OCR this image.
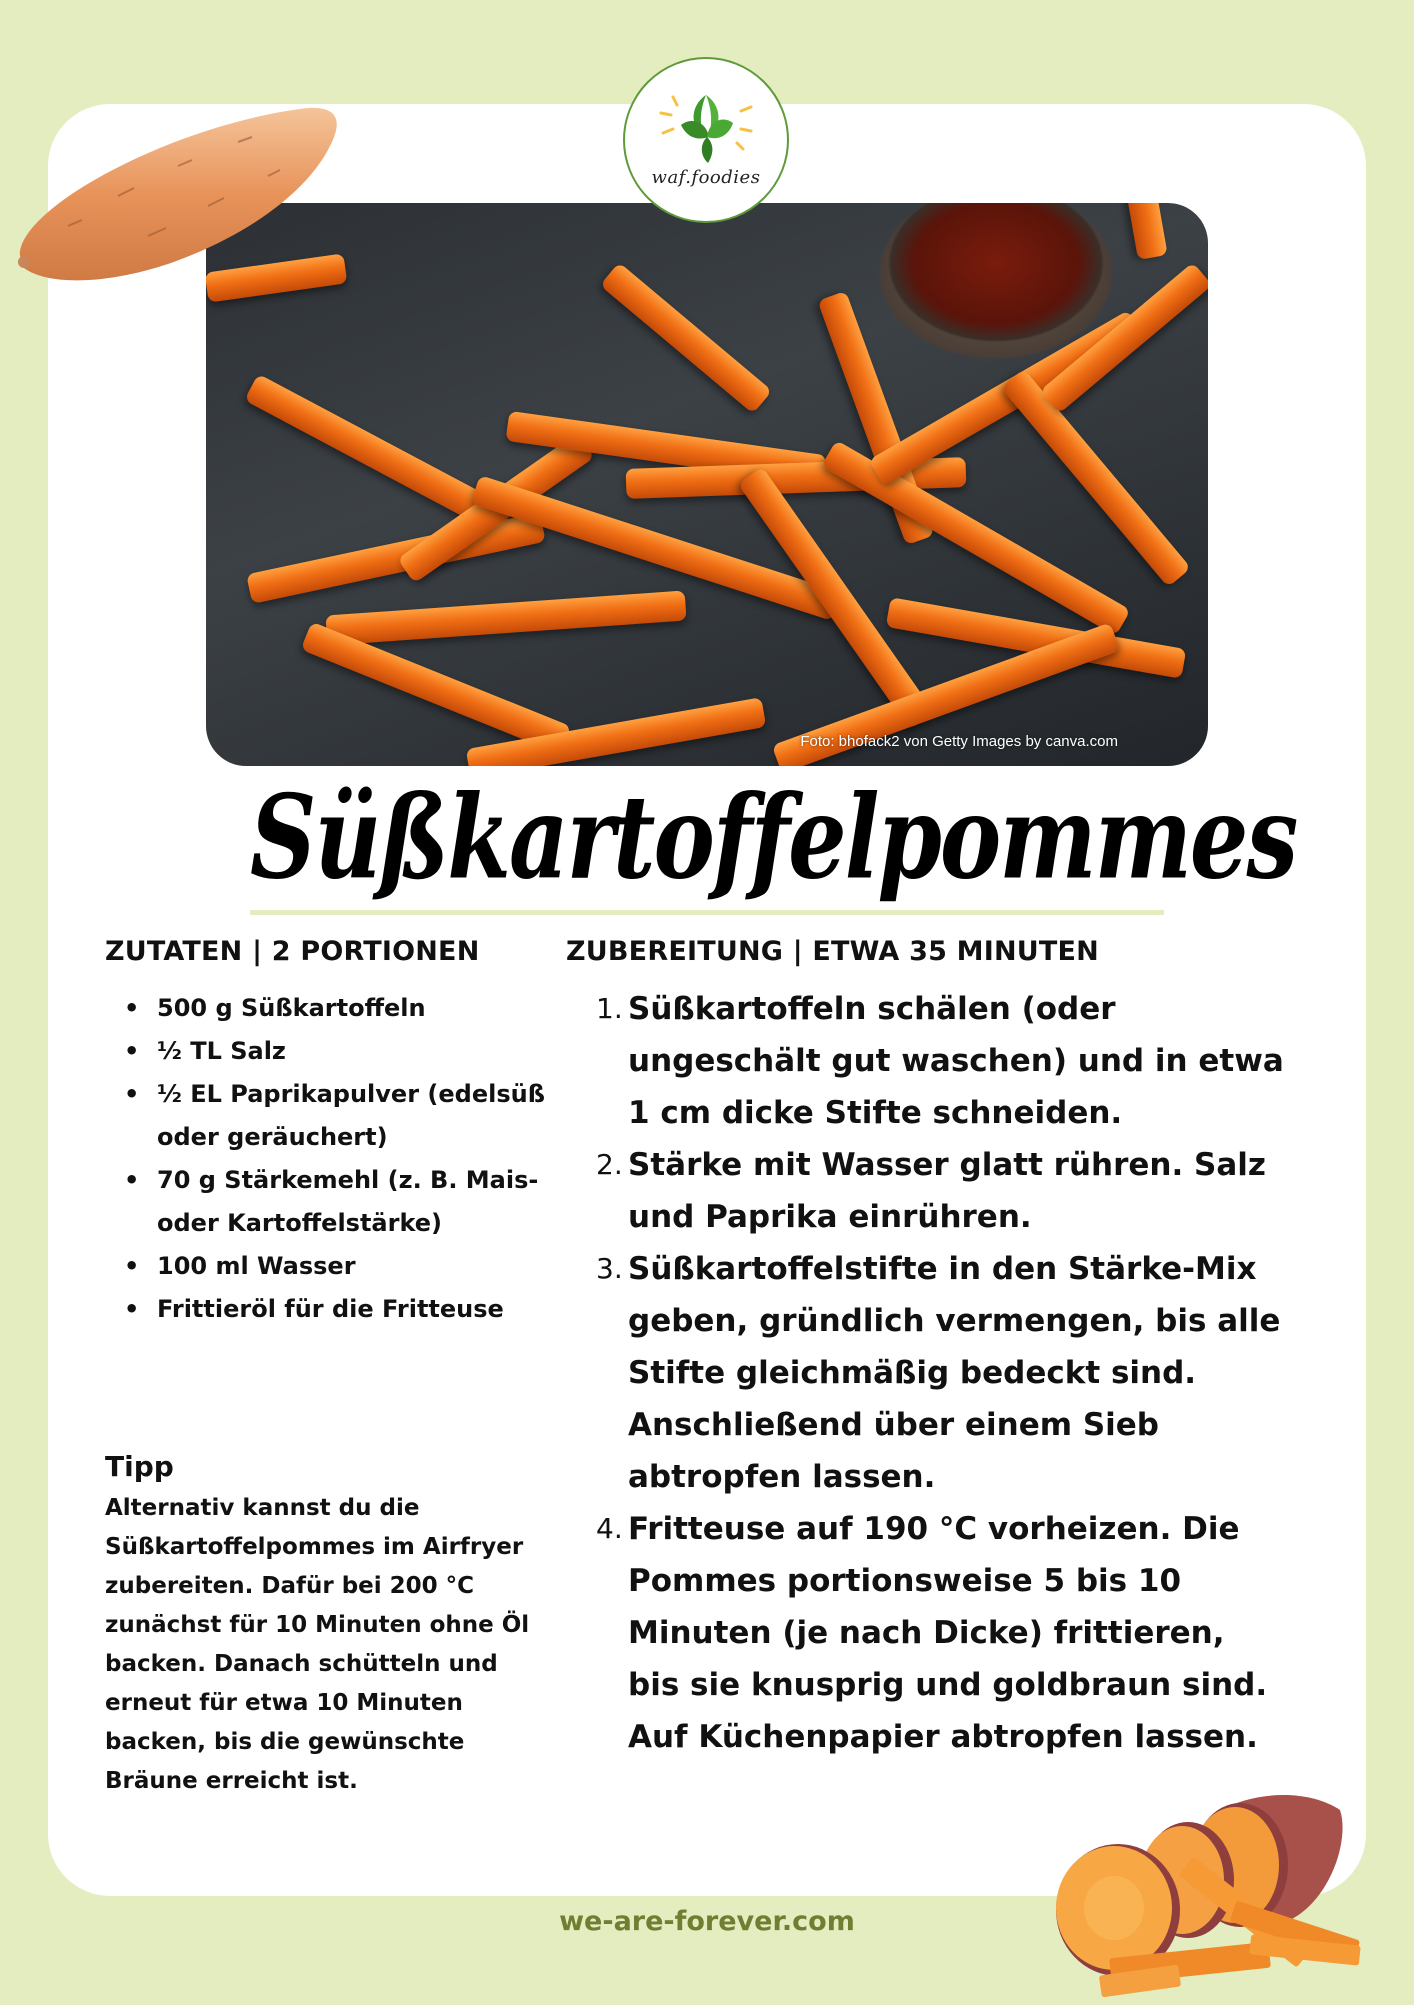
waf.foodies
Foto: bhofack2 von Getty Images by canva.com
Süßkartoffelpommes
ZUTATEN | 2 PORTIONEN
• 500 g Süßkartoffeln
• ½ TL Salz
• ½ EL Paprikapulver (edelsüß oder geräuchert)
• 70 g Stärkemehl (z. B. Mais- oder Kartoffelstärke)
• 100 ml Wasser
• Frittieröl für die Fritteuse
Tipp

Alternativ kannst du die Süßkartoffelpommes im Airfryer zubereiten. Dafür bei 200 °C zunächst für 10 Minuten ohne Öl backen. Danach schütteln und erneut für etwa 10 Minuten backen, bis die gewünschte Bräune erreicht ist.

ZUBEREITUNG | ETWA 35 MINUTEN
1. Süßkartoffeln schälen (oder ungeschält gut waschen) und in etwa 1 cm dicke Stifte schneiden.
2. Stärke mit Wasser glatt rühren. Salz und Paprika einrühren.
3. Süßkartoffelstifte in den Stärke-Mix geben, gründlich vermengen, bis alle Stifte gleichmäßig bedeckt sind. Anschließend über einem Sieb abtropfen lassen.
4. Fritteuse auf 190 °C vorheizen. Die Pommes portionsweise 5 bis 10 Minuten (je nach Dicke) frittieren, bis sie knusprig und goldbraun sind. Auf Küchenpapier abtropfen lassen.
we-are-forever.com
